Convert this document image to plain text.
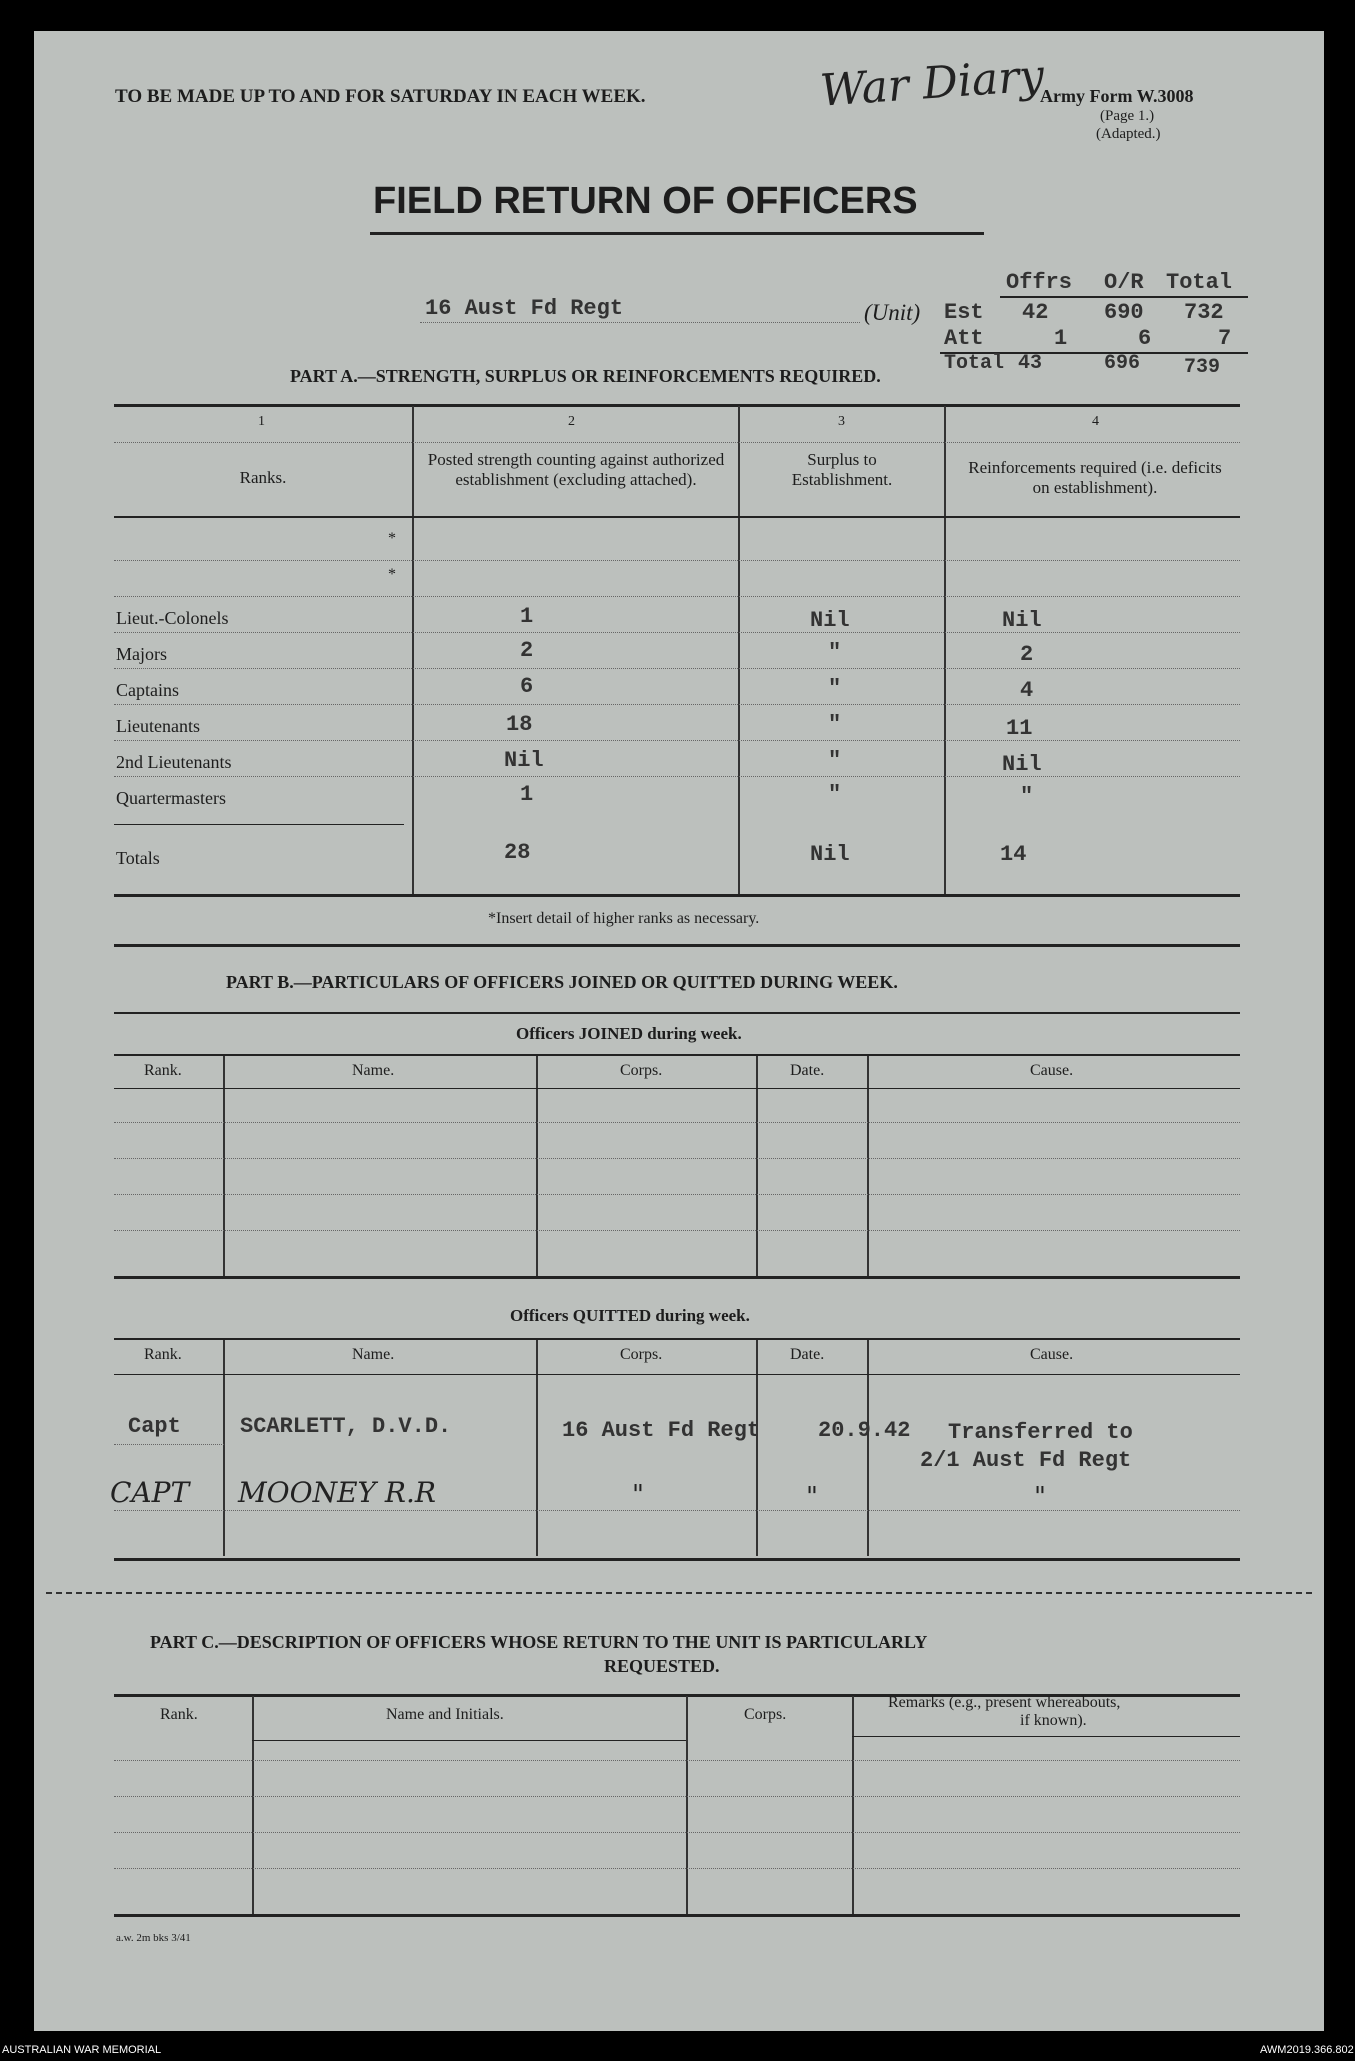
TO BE MADE UP TO AND FOR SATURDAY IN EACH WEEK.	War Diary
Army Form W.3008
(Page 1.)
(Adapted.)
FIELD RETURN OF OFFICERS
16 Aust Fd Regt	(Unit)
Offrs O/R Total
Est 42	690 732
Att	1	6	7
Total 43	696 739
PART A.—STRENGTH, SURPLUS OR REINFORCEMENTS REQUIRED.
1	2	3	4
Ranks.
Posted strength counting against authorized establishment (excluding attached).
Surplus to Establishment.
Reinforcements required (i.e. deficits on establishment).
*
*
Lieut.-Colonels	1	Nil	Nil
Majors	2	"	2
Captains	6	"	4
Lieutenants	18	"	11
2nd Lieutenants	Nil	"	Nil
Quartermasters	1	"	"
Totals	28	Nil	14
*Insert detail of higher ranks as necessary.
PART B.—PARTICULARS OF OFFICERS JOINED OR QUITTED DURING WEEK.
Officers JOINED during week.
Rank.	Name.	Corps.	Date.	Cause.
Officers QUITTED during week.
Rank.	Name.	Corps.	Date.	Cause.
Capt	SCARLETT, D.V.D.	16 Aust Fd Regt	20.9.42 Transferred to
2/1 Aust Fd Regt
CAPT MOONEY R.R	"	"	"
PART C.—DESCRIPTION OF OFFICERS WHOSE RETURN TO THE UNIT IS PARTICULARLY
REQUESTED.
Rank.	Name and Initials.	Corps.
Remarks (e.g., present whereabouts,
if known).
a.w. 2m bks 3/41
AUSTRALIAN WAR MEMORIAL	AWM2019.366.802
